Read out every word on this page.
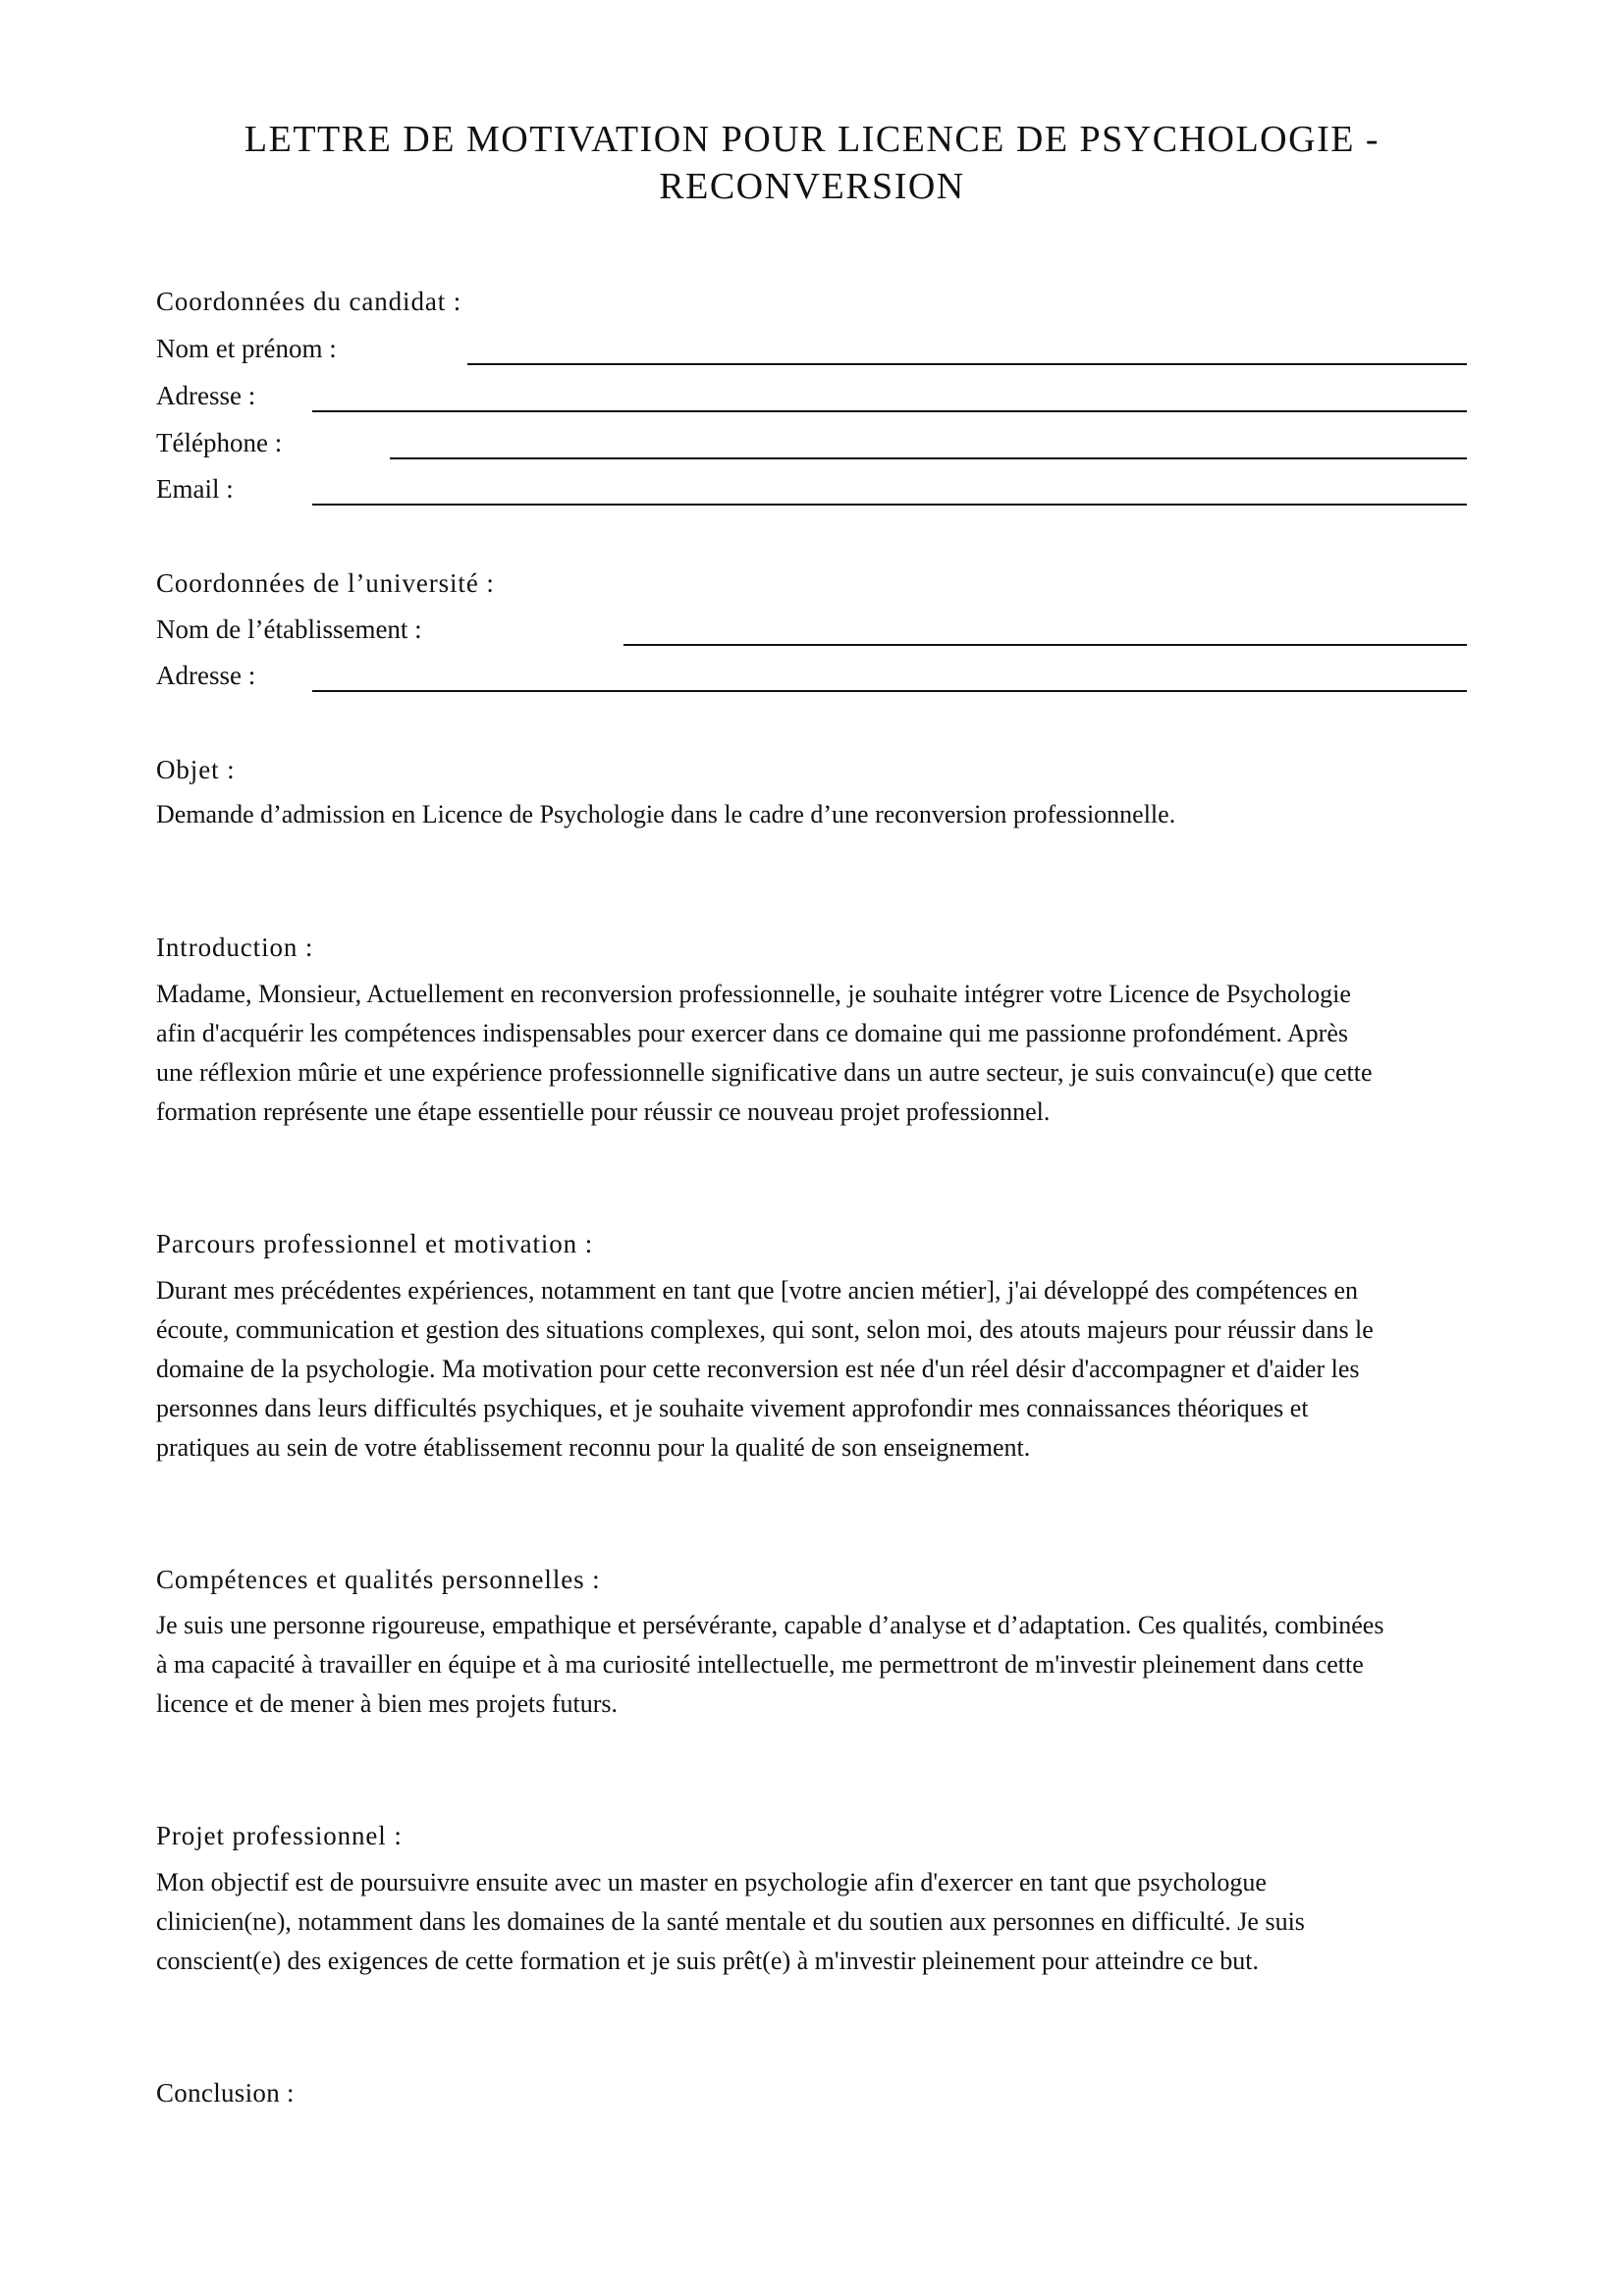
LETTRE DE MOTIVATION POUR LICENCE DE PSYCHOLOGIE -
RECONVERSION
Coordonnées du candidat :
Nom et prénom :
Adresse :
Téléphone :
Email :
Coordonnées de l’université :
Nom de l’établissement :
Adresse :
Objet :

Demande d’admission en Licence de Psychologie dans le cadre d’une reconversion professionnelle.

Introduction :

Madame, Monsieur, Actuellement en reconversion professionnelle, je souhaite intégrer votre Licence de Psychologie
afin d'acquérir les compétences indispensables pour exercer dans ce domaine qui me passionne profondément. Après
une réflexion mûrie et une expérience professionnelle significative dans un autre secteur, je suis convaincu(e) que cette
formation représente une étape essentielle pour réussir ce nouveau projet professionnel.

Parcours professionnel et motivation :

Durant mes précédentes expériences, notamment en tant que [votre ancien métier], j'ai développé des compétences en
écoute, communication et gestion des situations complexes, qui sont, selon moi, des atouts majeurs pour réussir dans le
domaine de la psychologie. Ma motivation pour cette reconversion est née d'un réel désir d'accompagner et d'aider les
personnes dans leurs difficultés psychiques, et je souhaite vivement approfondir mes connaissances théoriques et
pratiques au sein de votre établissement reconnu pour la qualité de son enseignement.

Compétences et qualités personnelles :

Je suis une personne rigoureuse, empathique et persévérante, capable d’analyse et d’adaptation. Ces qualités, combinées
à ma capacité à travailler en équipe et à ma curiosité intellectuelle, me permettront de m'investir pleinement dans cette
licence et de mener à bien mes projets futurs.

Projet professionnel :

Mon objectif est de poursuivre ensuite avec un master en psychologie afin d'exercer en tant que psychologue
clinicien(ne), notamment dans les domaines de la santé mentale et du soutien aux personnes en difficulté. Je suis
conscient(e) des exigences de cette formation et je suis prêt(e) à m'investir pleinement pour atteindre ce but.

Conclusion :
